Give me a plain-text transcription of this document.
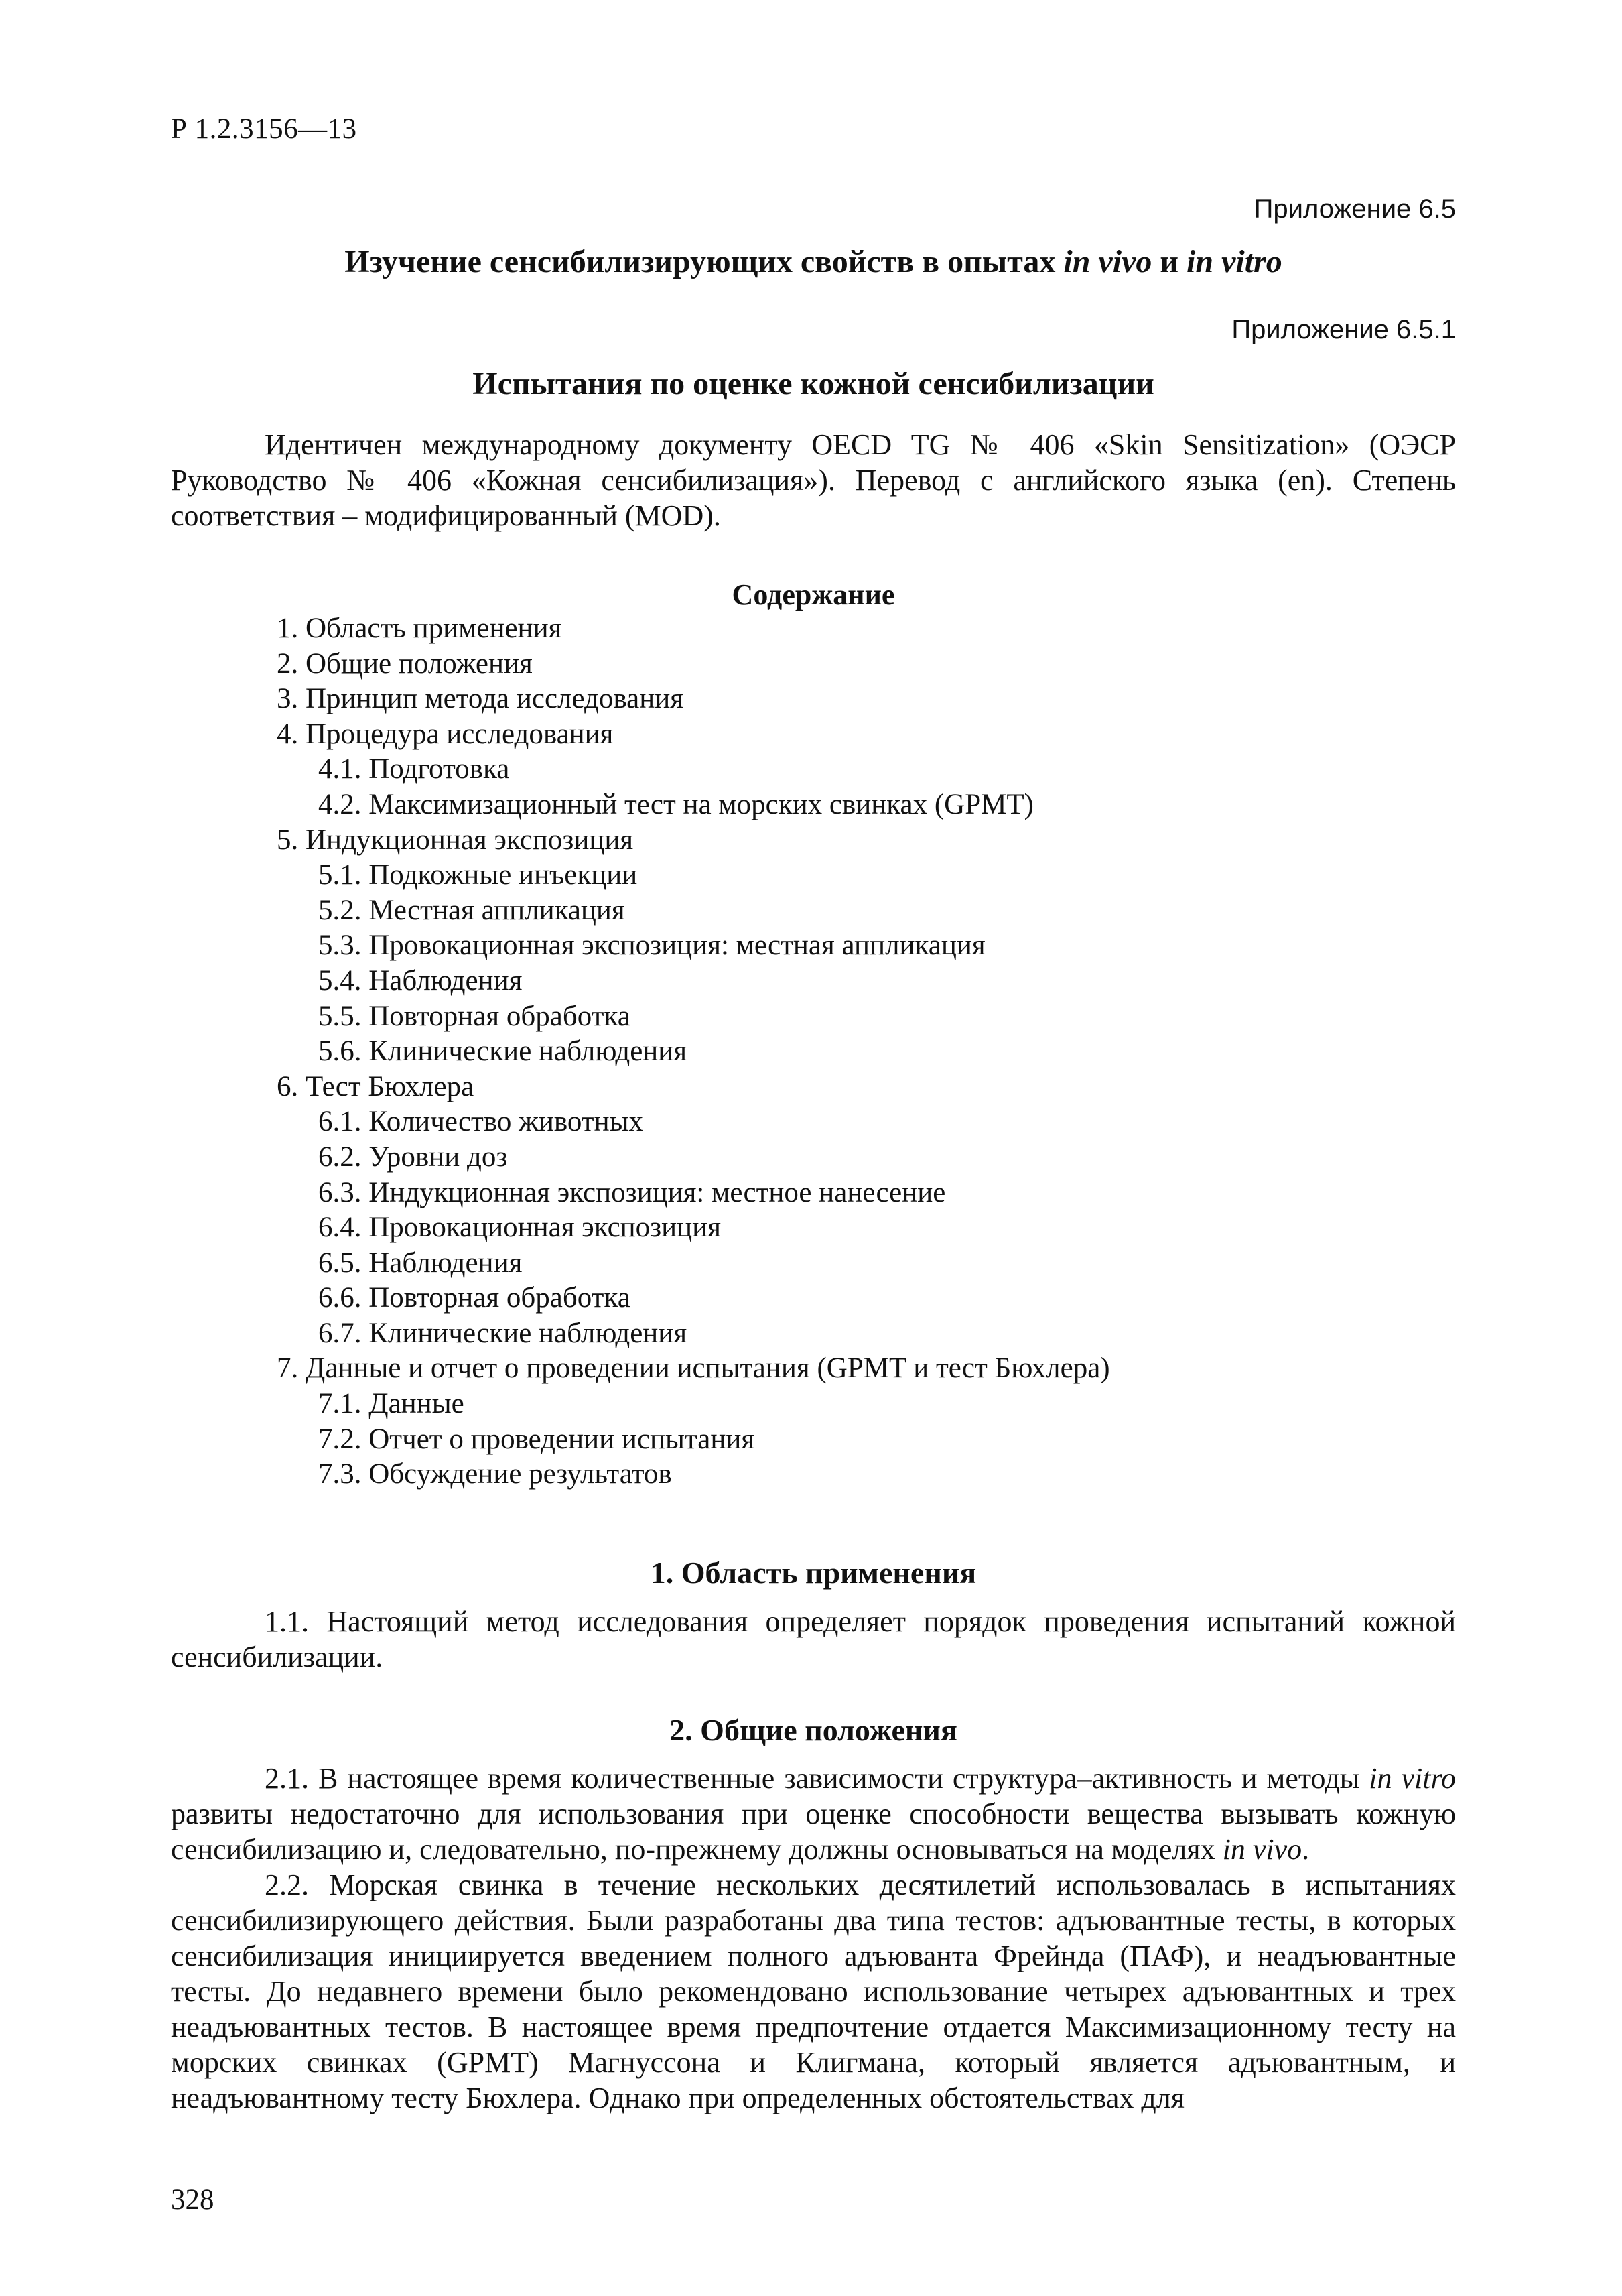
Р 1.2.3156—13
Приложение 6.5
Изучение сенсибилизирующих свойств в опытах in vivo и in vitro
Приложение 6.5.1
Испытания по оценке кожной сенсибилизации

Идентичен международному документу OECD TG № 406 «Skin Sensitization» (ОЭСР Руководство № 406 «Кожная сенсибилизация»). Перевод с английского языка (en). Степень соответствия – модифицированный (MOD).

Содержание
1. Область применения
2. Общие положения
3. Принцип метода исследования
4. Процедура исследования
4.1. Подготовка
4.2. Максимизационный тест на морских свинках (GPMT)
5. Индукционная экспозиция
5.1. Подкожные инъекции
5.2. Местная аппликация
5.3. Провокационная экспозиция: местная аппликация
5.4. Наблюдения
5.5. Повторная обработка
5.6. Клинические наблюдения
6. Тест Бюхлера
6.1. Количество животных
6.2. Уровни доз
6.3. Индукционная экспозиция: местное нанесение
6.4. Провокационная экспозиция
6.5. Наблюдения
6.6. Повторная обработка
6.7. Клинические наблюдения
7. Данные и отчет о проведении испытания (GPMT и тест Бюхлера)
7.1. Данные
7.2. Отчет о проведении испытания
7.3. Обсуждение результатов
1. Область применения

1.1. Настоящий метод исследования определяет порядок проведения испытаний кожной сенсибилизации.

2. Общие положения

2.1. В настоящее время количественные зависимости структура–активность и методы in vitro развиты недостаточно для использования при оценке способности вещества вызывать кожную сенсибилизацию и, следовательно, по-прежнему должны основываться на моделях in vivo.

2.2. Морская свинка в течение нескольких десятилетий использовалась в испытаниях сенсибилизирующего действия. Были разработаны два типа тестов: адъювантные тесты, в которых сенсибилизация инициируется введением полного адъюванта Фрейнда (ПАФ), и неадъювантные тесты. До недавнего времени было рекомендовано использование четырех адъювантных и трех неадъювантных тестов. В настоящее время предпочтение отдается Максимизационному тесту на морских свинках (GPMT) Магнуссона и Клигмана, который является адъювантным, и неадъювантному тесту Бюхлера. Однако при определенных обстоятельствах для

328
